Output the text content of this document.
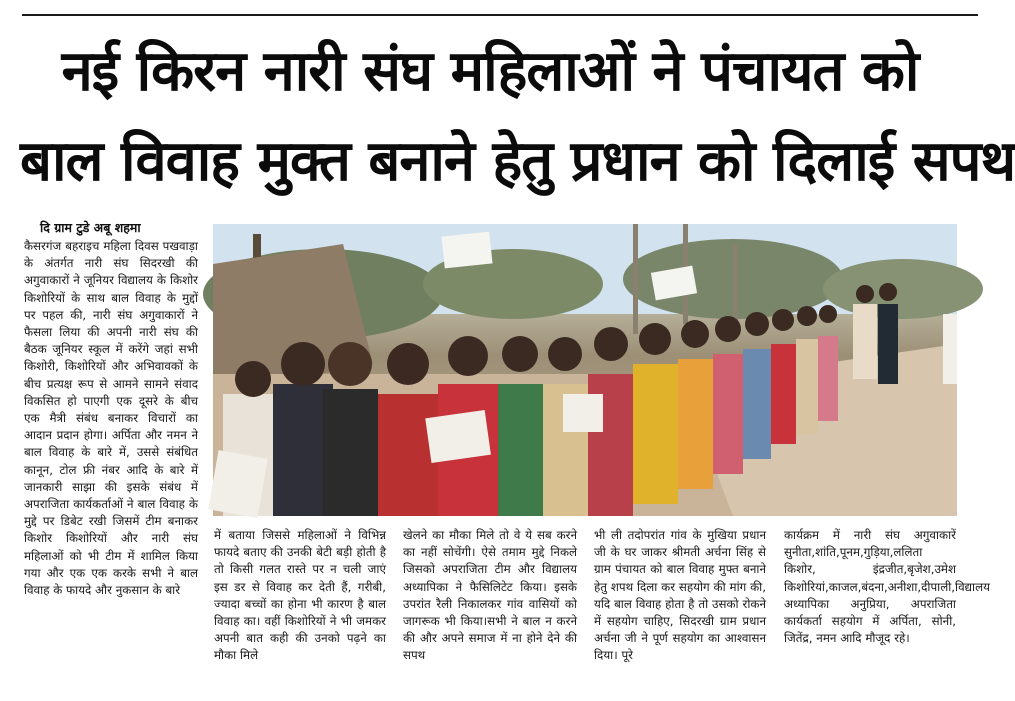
नई किरन नारी संघ महिलाओं ने पंचायत को
बाल विवाह मुक्त बनाने हेतु प्रधान को दिलाई सपथ
दि ग्राम टुडे अबू शहमा

कैसरगंज बहराइच महिला दिवस पखवाड़ा के अंतर्गत नारी संघ सिदरखी की अगुवाकारों ने जूनियर विद्यालय के किशोर किशोरियों के साथ बाल विवाह के मुद्दों पर पहल की, नारी संघ अगुवाकारों ने फैसला लिया की अपनी नारी संघ की बैठक जूनियर स्कूल में करेंगे जहां सभी किशोरी, किशोरियों और अभिवावकों के बीच प्रत्यक्ष रूप से आमने सामने संवाद विकसित हो पाएगी एक दूसरे के बीच एक मैत्री संबंध बनाकर विचारों का आदान प्रदान होगा। अर्पिता और नमन ने बाल विवाह के बारे में, उससे संबंधित कानून, टोल फ्री नंबर आदि के बारे में जानकारी साझा की इसके संबंध में अपराजिता कार्यकर्ताओं ने बाल विवाह के मुद्दे पर डिबेट रखी जिसमें टीम बनाकर किशोर किशोरियों और नारी संघ महिलाओं को भी टीम में शामिल किया गया और एक एक करके सभी ने बाल विवाह के फायदे और नुकसान के बारे

में बताया जिससे महिलाओं ने विभिन्न फायदे बताए की उनकी बेटी बड़ी होती है तो किसी गलत रास्ते पर न चली जाएं इस डर से विवाह कर देती हैं, गरीबी, ज्यादा बच्चों का होना भी कारण है बाल विवाह का। वहीं किशोरियों ने भी जमकर अपनी बात कही की उनको पढ़ने का मौका मिले

खेलने का मौका मिले तो वे ये सब करने का नहीं सोचेंगी। ऐसे तमाम मुद्दे निकले जिसको अपराजिता टीम और विद्यालय अध्यापिका ने फैसिलिटेट किया। इसके उपरांत रैली निकालकर गांव वासियों को जागरूक भी किया।सभी ने बाल न करने की और अपने समाज में ना होने देने की सपथ

भी ली तदोपरांत गांव के मुखिया प्रधान जी के घर जाकर श्रीमती अर्चना सिंह से ग्राम पंचायत को बाल विवाह मुफ्त बनाने हेतु शपथ दिला कर सहयोग की मांग की, यदि बाल विवाह होता है तो उसको रोकने में सहयोग चाहिए, सिदरखी ग्राम प्रधान अर्चना जी ने पूर्ण सहयोग का आश्वासन दिया। पूरे

कार्यक्रम में नारी संघ अगुवाकारें सुनीता,शांति,पूनम,गुड़िया,ललिता किशोर, इंद्रजीत,बृजेश,उमेश किशोरियां,काजल,बंदना,अनीशा,दीपाली,विद्यालय अध्यापिका अनुप्रिया, अपराजिता कार्यकर्ता सहयोग में अर्पिता, सोनी, जितेंद्र, नमन आदि मौजूद रहे।
